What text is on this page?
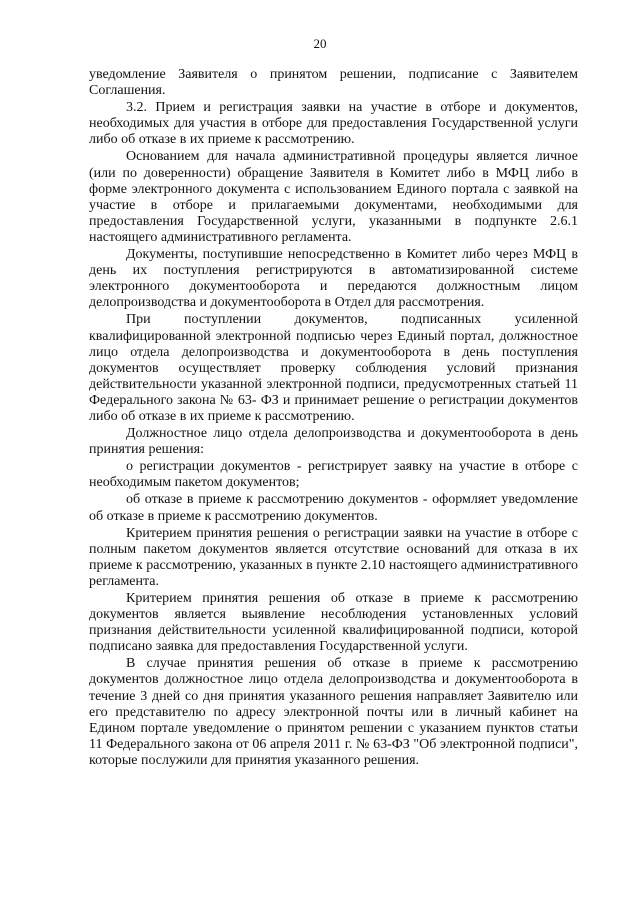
20

уведомление Заявителя о принятом решении, подписание с Заявителем Соглашения.

3.2. Прием и регистрация заявки на участие в отборе и документов, необходимых для участия в отборе для предоставления Государственной услуги либо об отказе в их приеме к рассмотрению.

Основанием для начала административной процедуры является личное (или по доверенности) обращение Заявителя в Комитет либо в МФЦ либо в форме электронного документа с использованием Единого портала с заявкой на участие в отборе и прилагаемыми документами, необходимыми для предоставления Государственной услуги, указанными в подпункте 2.6.1 настоящего административного регламента.

Документы, поступившие непосредственно в Комитет либо через МФЦ в день их поступления регистрируются в автоматизированной системе электронного документооборота и передаются должностным лицом делопроизводства и документооборота в Отдел для рассмотрения.

При поступлении документов, подписанных усиленной квалифицированной электронной подписью через Единый портал, должностное лицо отдела делопроизводства и документооборота в день поступления документов осуществляет проверку соблюдения условий признания действительности указанной электронной подписи, предусмотренных статьей 11 Федерального закона № 63- ФЗ и принимает решение о регистрации документов либо об отказе в их приеме к рассмотрению.

Должностное лицо отдела делопроизводства и документооборота в день принятия решения:

о регистрации документов - регистрирует заявку на участие в отборе с необходимым пакетом документов;

об отказе в приеме к рассмотрению документов - оформляет уведомление об отказе в приеме к рассмотрению документов.

Критерием принятия решения о регистрации заявки на участие в отборе с полным пакетом документов является отсутствие оснований для отказа в их приеме к рассмотрению, указанных в пункте 2.10 настоящего административного регламента.

Критерием принятия решения об отказе в приеме к рассмотрению документов является выявление несоблюдения установленных условий признания действительности усиленной квалифицированной подписи, которой подписано заявка для предоставления Государственной услуги.

В случае принятия решения об отказе в приеме к рассмотрению документов должностное лицо отдела делопроизводства и документооборота в течение 3 дней со дня принятия указанного решения направляет Заявителю или его представителю по адресу электронной почты или в личный кабинет на Едином портале уведомление о принятом решении с указанием пунктов статьи 11 Федерального закона от 06 апреля 2011 г. № 63-ФЗ "Об электронной подписи", которые послужили для принятия указанного решения.
